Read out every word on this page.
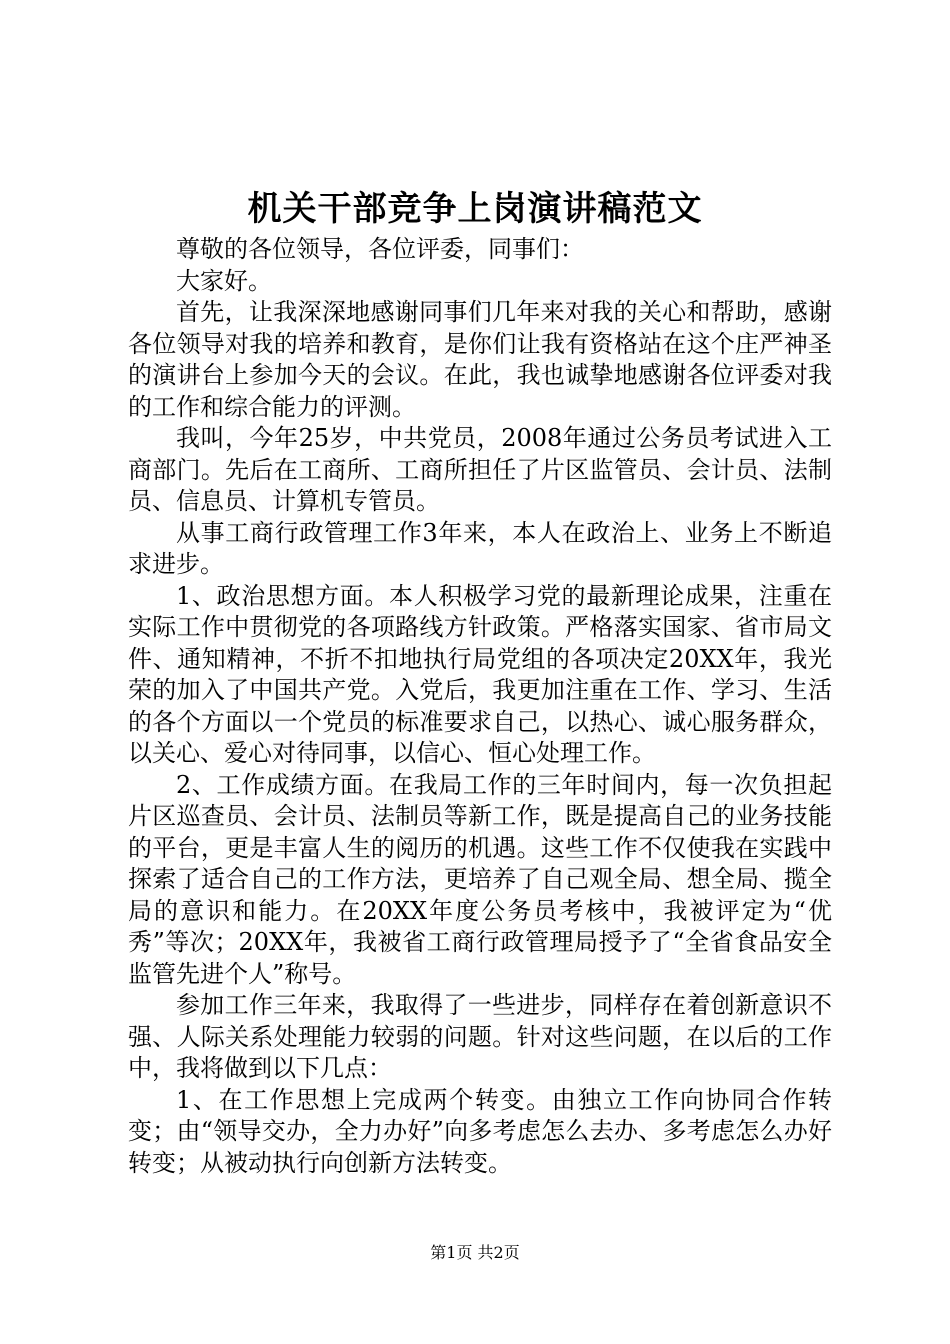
机关干部竞争上岗演讲稿范文

尊敬的各位领导，各位评委，同事们：

大家好。

首先，让我深深地感谢同事们几年来对我的关心和帮助，感谢各位领导对我的培养和教育，是你们让我有资格站在这个庄严神圣的演讲台上参加今天的会议。在此，我也诚挚地感谢各位评委对我的工作和综合能力的评测。

我叫，今年25岁，中共党员，2008年通过公务员考试进入工商部门。先后在工商所、工商所担任了片区监管员、会计员、法制员、信息员、计算机专管员。

从事工商行政管理工作3年来，本人在政治上、业务上不断追求进步。

1、政治思想方面。本人积极学习党的最新理论成果，注重在实际工作中贯彻党的各项路线方针政策。严格落实国家、省市局文件、通知精神，不折不扣地执行局党组的各项决定20XX年，我光荣的加入了中国共产党。入党后，我更加注重在工作、学习、生活的各个方面以一个党员的标准要求自己，以热心、诚心服务群众，以关心、爱心对待同事，以信心、恒心处理工作。

2、工作成绩方面。在我局工作的三年时间内，每一次负担起片区巡查员、会计员、法制员等新工作，既是提高自己的业务技能的平台，更是丰富人生的阅历的机遇。这些工作不仅使我在实践中探索了适合自己的工作方法，更培养了自己观全局、想全局、揽全局的意识和能力。在20XX年度公务员考核中，我被评定为“优秀”等次；20XX年，我被省工商行政管理局授予了“全省食品安全监管先进个人”称号。

参加工作三年来，我取得了一些进步，同样存在着创新意识不强、人际关系处理能力较弱的问题。针对这些问题，在以后的工作中，我将做到以下几点：

1、在工作思想上完成两个转变。由独立工作向协同合作转变；由“领导交办，全力办好”向多考虑怎么去办、多考虑怎么办好转变；从被动执行向创新方法转变。

第1页 共2页
